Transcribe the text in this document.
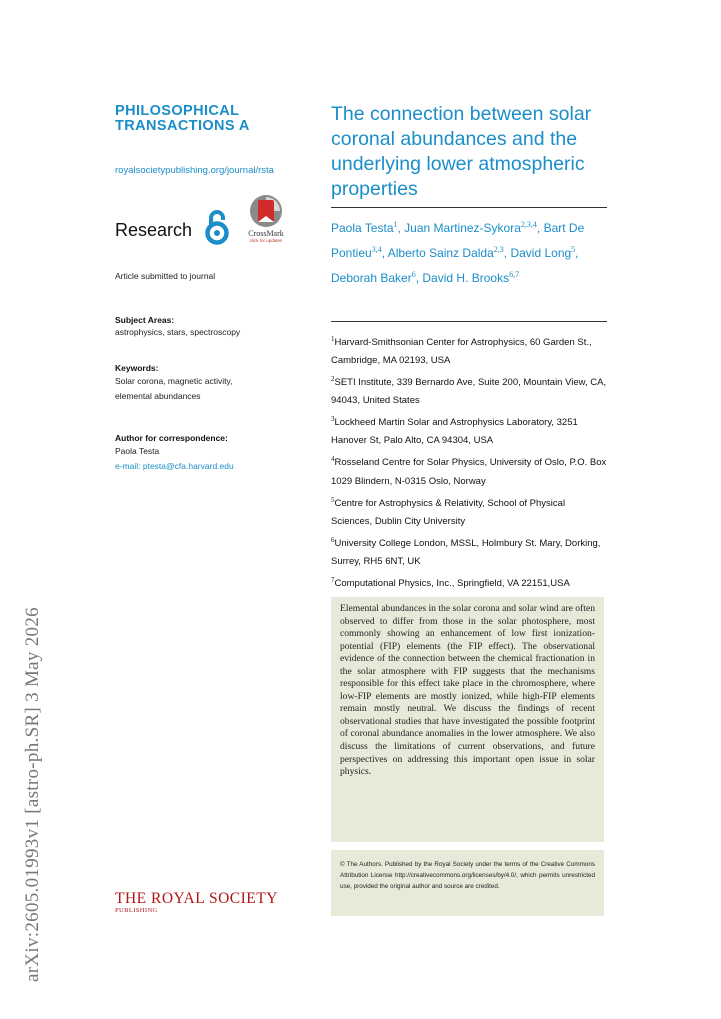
arXiv:2605.01993v1 [astro-ph.SR] 3 May 2026
PHILOSOPHICAL
TRANSACTIONS A
royalsocietypublishing.org/journal/rsta
Research	CrossMark
click for updates
Article submitted to journal
Subject Areas:
astrophysics, stars, spectroscopy
Keywords:
Solar corona, magnetic activity,
elemental abundances
Author for correspondence:
Paola Testa
e-mail: ptesta@cfa.harvard.edu
The connection between solar coronal abundances and the underlying lower atmospheric properties
Paola Testa$^1$, Juan Martinez-Sykora$^{2,3,4}$, Bart De Pontieu$^{3,4}$, Alberto Sainz Dalda$^{2,3}$, David Long$^5$, Deborah Baker$^6$, David H. Brooks$^{6,7}$

$^1$Harvard-Smithsonian Center for Astrophysics, 60 Garden St., Cambridge, MA 02193, USA

$^2$SETI Institute, 339 Bernardo Ave, Suite 200, Mountain View, CA, 94043, United States

$^3$Lockheed Martin Solar and Astrophysics Laboratory, 3251 Hanover St, Palo Alto, CA 94304, USA

$^4$Rosseland Centre for Solar Physics, University of Oslo, P.O. Box 1029 Blindern, N-0315 Oslo, Norway

$^5$Centre for Astrophysics & Relativity, School of Physical Sciences, Dublin City University

$^6$University College London, MSSL, Holmbury St. Mary, Dorking, Surrey, RH5 6NT, UK

$^7$Computational Physics, Inc., Springfield, VA 22151,USA

Elemental abundances in the solar corona and solar wind are often observed to differ from those in the solar photosphere, most commonly showing an enhancement of low first ionization-potential (FIP) elements (the FIP effect). The observational evidence of the connection between the chemical fractionation in the solar atmosphere with FIP suggests that the mechanisms responsible for this effect take place in the chromosphere, where low-FIP elements are mostly ionized, while high-FIP elements remain mostly neutral. We discuss the findings of recent observational studies that have investigated the possible footprint of coronal abundance anomalies in the lower atmosphere. We also discuss the limitations of current observations, and future perspectives on addressing this important open issue in solar physics.
© The Authors. Published by the Royal Society under the terms of the Creative Commons Attribution License http://creativecommons.org/licenses/by/4.0/, which permits unrestricted use, provided the original author and source are credited.
THE ROYAL SOCIETY
PUBLISHING
